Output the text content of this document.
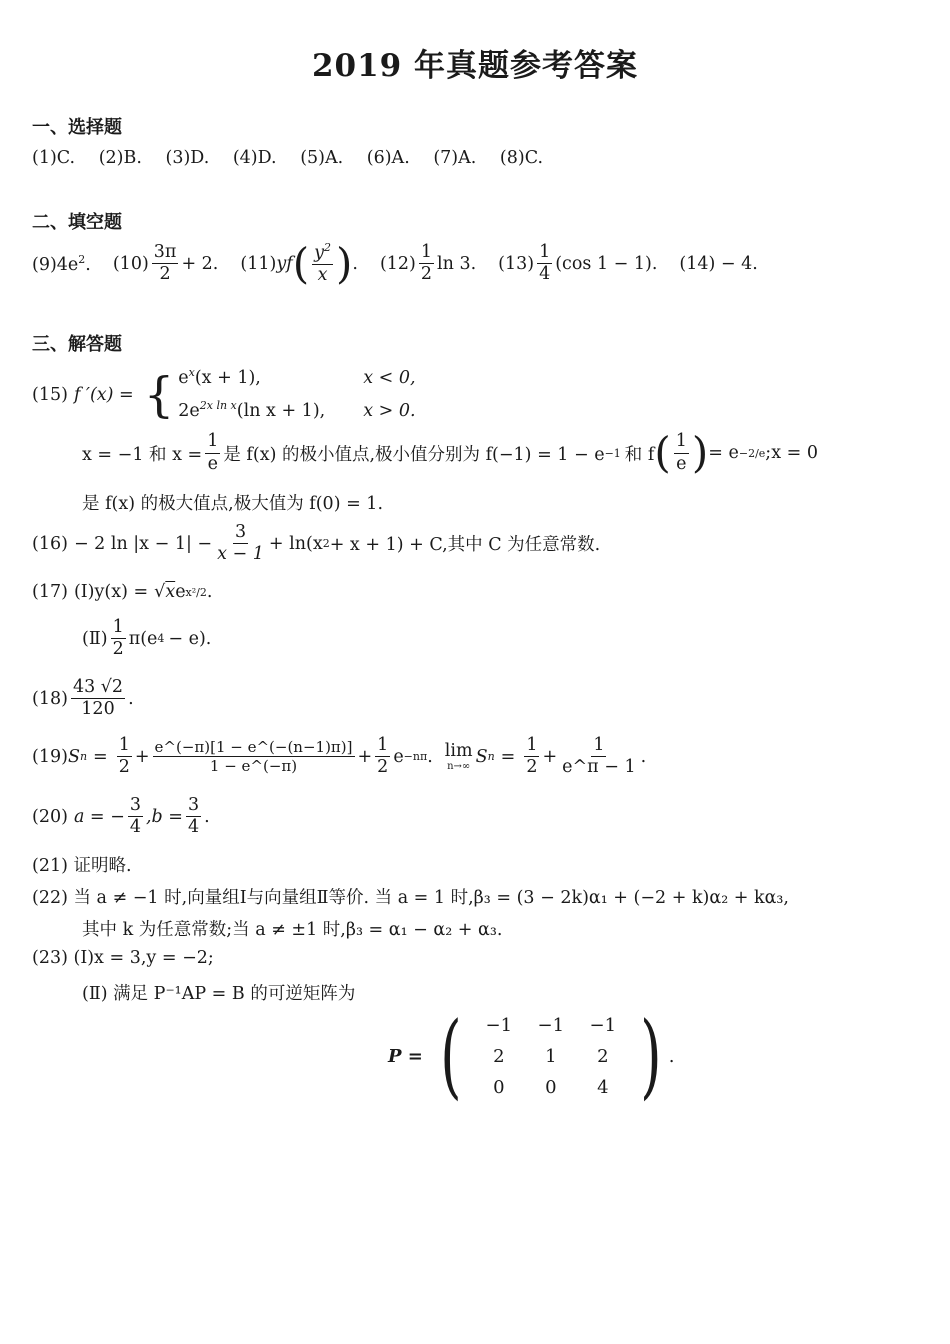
2019 年真题参考答案
一、选择题
(1)C. (2)B. (3)D. (4)D. (5)A. (6)A. (7)A. (8)C.
二、填空题
$(9)4e^2$. (10)
3π
2
+ 2. (11) yf ( $y^2$
x ) . (12)
1
2
ln 3. (13)
1
4
(cos 1 − 1). (14) − 4.
三、解答题
(15) f ′(x) = { $e^x(x + 1)$,	x < 0,
$2e^{2x ln x}(\ln$ x + 1),	x > 0.
x = −1 和 $x = \frac{1}{e}$ 是 f(x) 的极小值点,极小值分别为 f(−1) = 1 − e −1 和 f ( 1
e ) = e −2/e ;x = 0
是 f(x) 的极大值点,极大值为 f(0) = 1.
(16) − 2 $\ln |x - 1| - \frac{3}{x - 1} + \ln(x$ 2 + x + 1) + C,其中 C 为任意常数.
(17) (Ⅰ)y(x) = √ x e x²/2 .
(Ⅱ)
1
2
π(e 4 − e).
(18)
43 √2
120
.
(19) S $n = \frac{1}{2} + \frac{e\^{}(-\pi)[1 - e\^{}(-(n-1)\pi)]}{1 - e\^{}(-\pi)} + \frac{1}{2}$ e −nπ . lim
n→∞ S $n = \frac{1}{2} + \frac{1}{e\^{}\pi - 1}$ .
(20) a = − $\frac{3}{4} ,b = \frac{3}{4}$ .
(21) 证明略.
(22) 当 a ≠ −1 时,向量组Ⅰ与向量组Ⅱ等价. 当 a = 1 时,β₃ = (3 − 2k)α₁ + (−2 + k)α₂ + kα₃,
其中 k 为任意常数;当 a ≠ ±1 时,β₃ = α₁ − α₂ + α₃.
(23) (Ⅰ)x = 3,y = −2;
(Ⅱ) 满足 P⁻¹AP = B 的可逆矩阵为
P = (	−1	−1	−1
2	1	2
0	0	4 ) .
